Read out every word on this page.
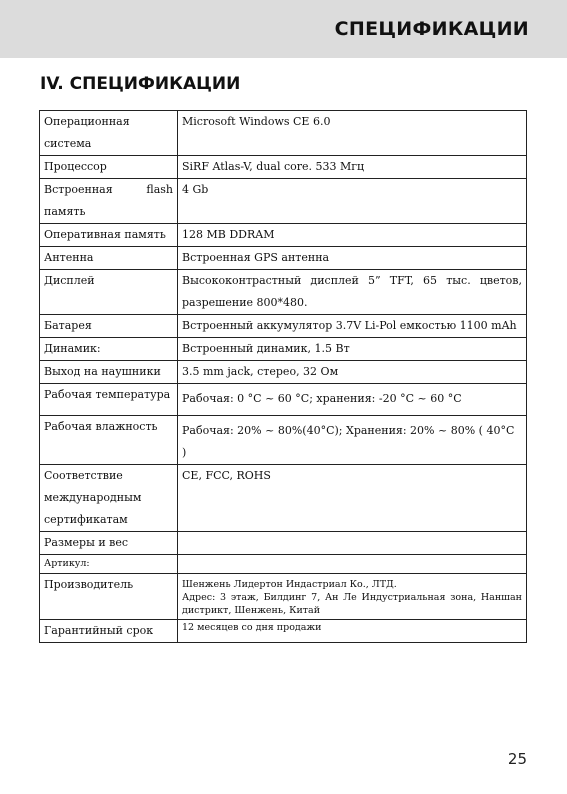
СПЕЦИФИКАЦИИ
IV. СПЕЦИФИКАЦИИ
Операционная система	Microsoft Windows CE 6.0
Процессор	SiRF Atlas-V, dual core. 533 Мгц
Встроенная flash память	4 Gb
Оперативная память	128 MB DDRAM
Антенна	Встроенная GPS антенна
Дисплей	Высококонтрастный дисплей 5” TFT, 65 тыс. цветов, разрешение 800*480.
Батарея	Встроенный аккумулятор 3.7V Li-Pol емкостью 1100 mAh
Динамик:	Встроенный динамик, 1.5 Вт
Выход на наушники	3.5 mm jack, стерео, 32 Ом
Рабочая температура	Рабочая: 0 °C ~ 60 °C; хранения: -20 °C ~ 60 °C
Рабочая влажность	Рабочая: 20% ~ 80%(40°C); Хранения: 20% ~ 80% ( 40°C )
Соответствие международным сертификатам	CE, FCC, ROHS
Размеры и вес	
Артикул:	
Производитель	Шенжень Лидертон Индастриал Ко., ЛТД.
Адрес: 3 этаж, Билдинг 7, Ан Ле Индустриальная зона, Наншан дистрикт, Шенжень, Китай

Гарантийный срок	12 месяцев со дня продажи
25
